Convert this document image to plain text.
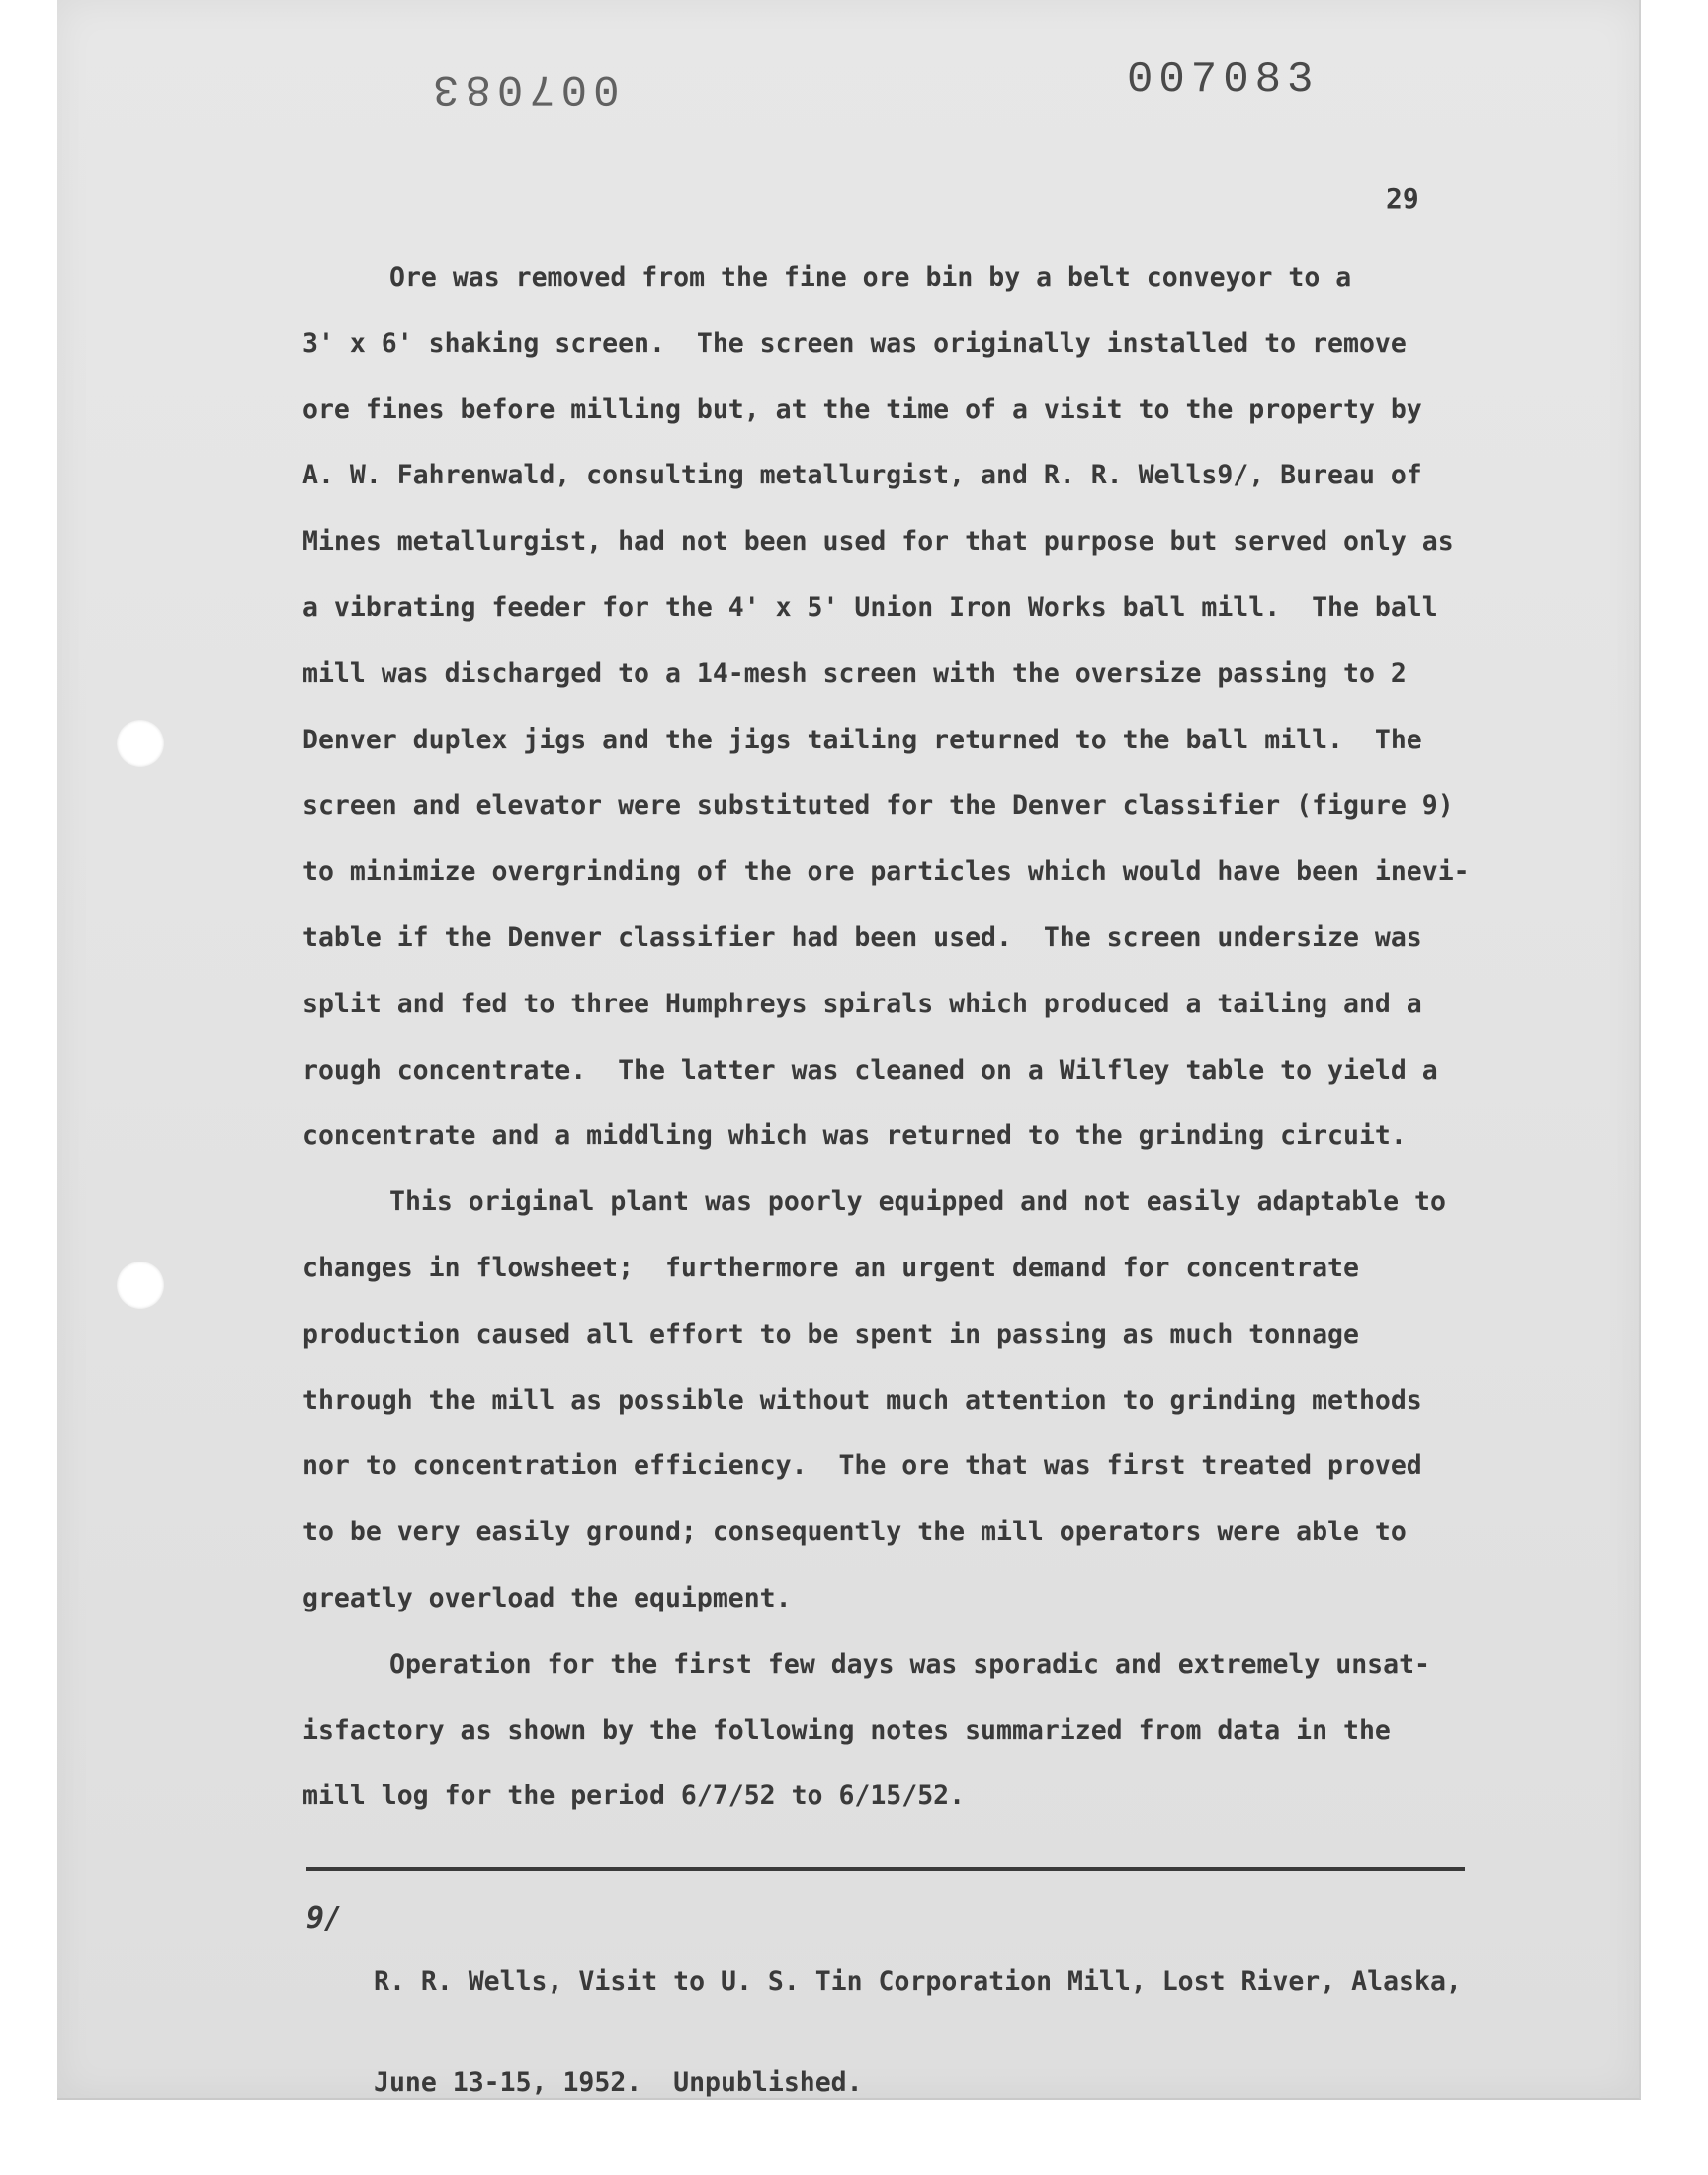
007083	007083
29
Ore was removed from the fine ore bin by a belt conveyor to a
3' x 6' shaking screen.  The screen was originally installed to remove
ore fines before milling but, at the time of a visit to the property by
A. W. Fahrenwald, consulting metallurgist, and R. R. Wells9/, Bureau of
Mines metallurgist, had not been used for that purpose but served only as
a vibrating feeder for the 4' x 5' Union Iron Works ball mill.  The ball
mill was discharged to a 14-mesh screen with the oversize passing to 2
Denver duplex jigs and the jigs tailing returned to the ball mill.  The
screen and elevator were substituted for the Denver classifier (figure 9)
to minimize overgrinding of the ore particles which would have been inevi-
table if the Denver classifier had been used.  The screen undersize was
split and fed to three Humphreys spirals which produced a tailing and a
rough concentrate.  The latter was cleaned on a Wilfley table to yield a
concentrate and a middling which was returned to the grinding circuit.
This original plant was poorly equipped and not easily adaptable to
changes in flowsheet;  furthermore an urgent demand for concentrate
production caused all effort to be spent in passing as much tonnage
through the mill as possible without much attention to grinding methods
nor to concentration efficiency.  The ore that was first treated proved
to be very easily ground; consequently the mill operators were able to
greatly overload the equipment.
Operation for the first few days was sporadic and extremely unsat-
isfactory as shown by the following notes summarized from data in the
mill log for the period 6/7/52 to 6/15/52.
9/

R. R. Wells, Visit to U. S. Tin Corporation Mill, Lost River, Alaska,

June 13-15, 1952.  Unpublished.
